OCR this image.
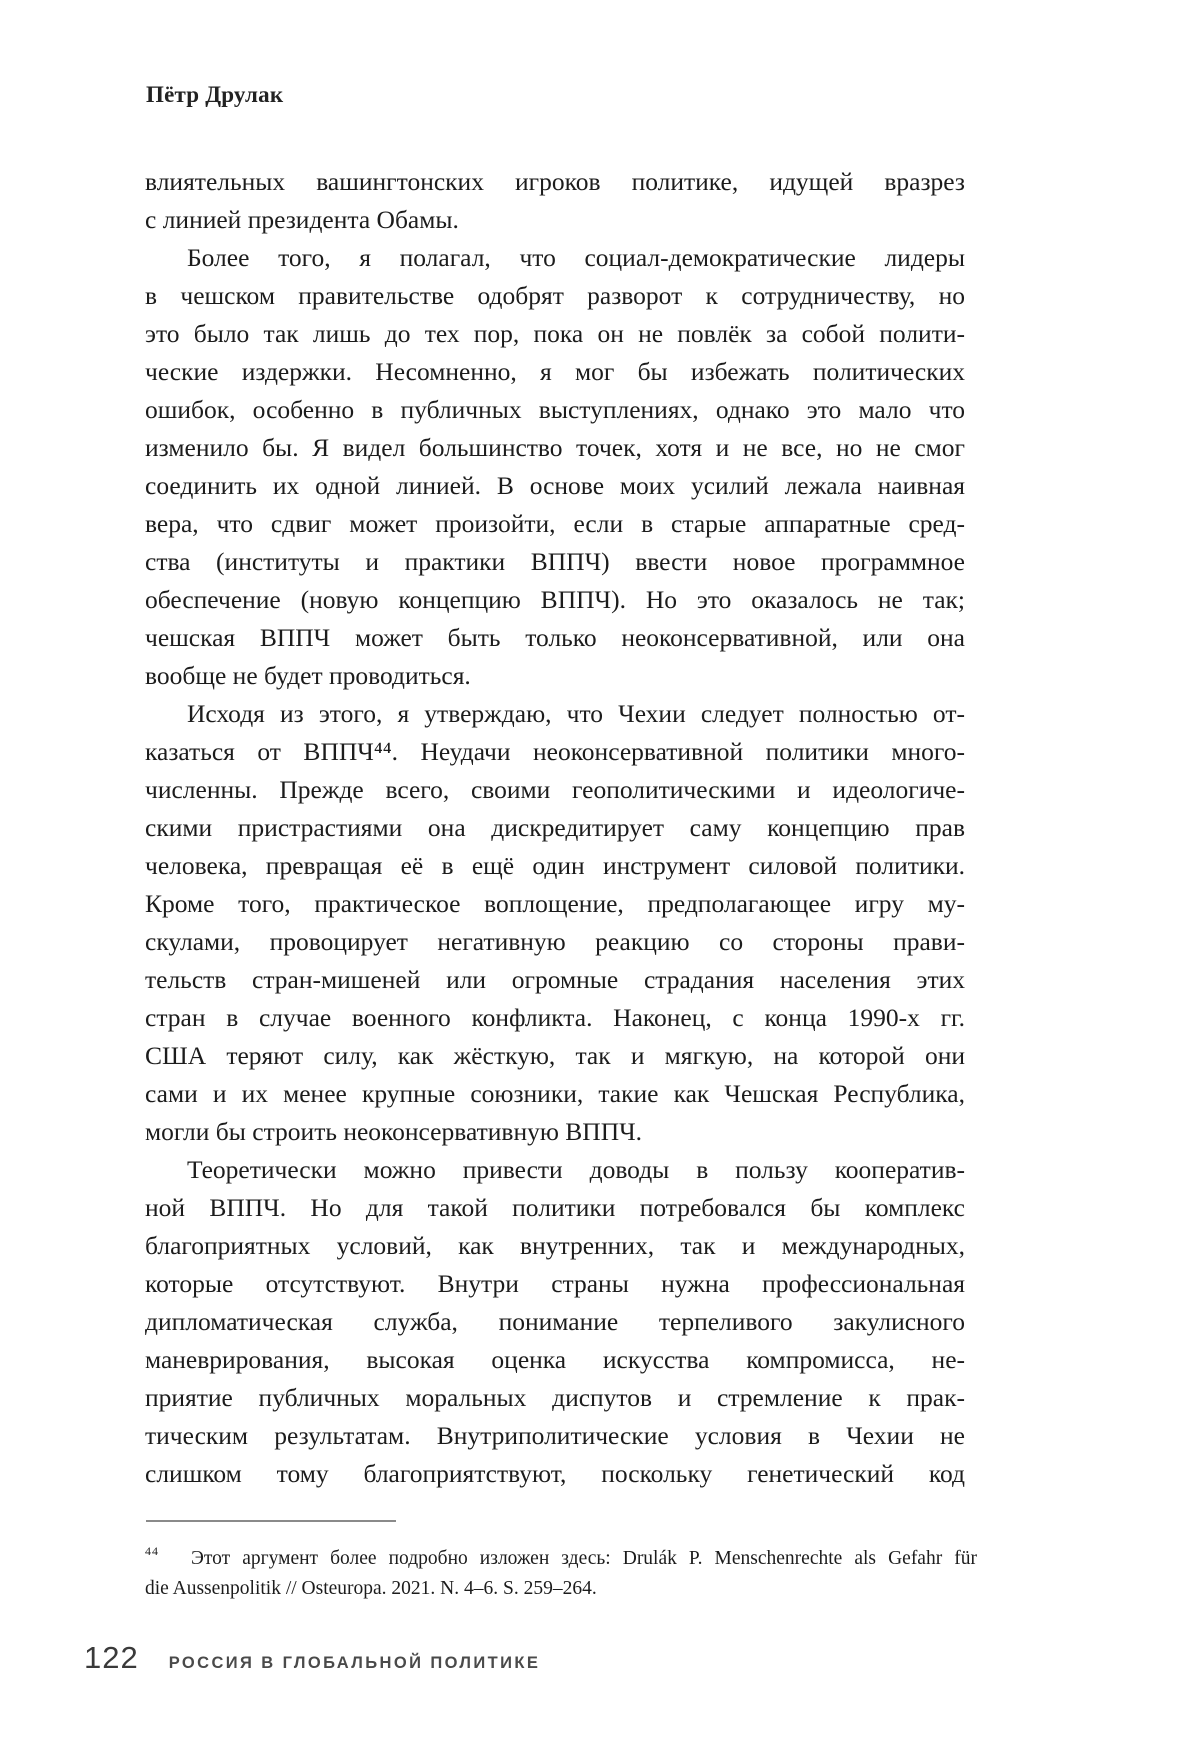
Пётр Друлак
влиятельных вашингтонских игроков политике, идущей вразрез
с линией президента Обамы.
Более того, я полагал, что социал-демократические лидеры
в чешском правительстве одобрят разворот к сотрудничеству, но
это было так лишь до тех пор, пока он не повлёк за собой полити-
ческие издержки. Несомненно, я мог бы избежать политических
ошибок, особенно в публичных выступлениях, однако это мало что
изменило бы. Я видел большинство точек, хотя и не все, но не смог
соединить их одной линией. В основе моих усилий лежала наивная
вера, что сдвиг может произойти, если в старые аппаратные сред-
ства (институты и практики ВППЧ) ввести новое программное
обеспечение (новую концепцию ВППЧ). Но это оказалось не так;
чешская ВППЧ может быть только неоконсервативной, или она
вообще не будет проводиться.
Исходя из этого, я утверждаю, что Чехии следует полностью от-
казаться от ВППЧ⁴⁴. Неудачи неоконсервативной политики много-
численны. Прежде всего, своими геополитическими и идеологиче-
скими пристрастиями она дискредитирует саму концепцию прав
человека, превращая её в ещё один инструмент силовой политики.
Кроме того, практическое воплощение, предполагающее игру му-
скулами, провоцирует негативную реакцию со стороны прави-
тельств стран-мишеней или огромные страдания населения этих
стран в случае военного конфликта. Наконец, с конца 1990-х гг.
США теряют силу, как жёсткую, так и мягкую, на которой они
сами и их менее крупные союзники, такие как Чешская Республика,
могли бы строить неоконсервативную ВППЧ.
Теоретически можно привести доводы в пользу кооператив-
ной ВППЧ. Но для такой политики потребовался бы комплекс
благоприятных условий, как внутренних, так и международных,
которые отсутствуют. Внутри страны нужна профессиональная
дипломатическая служба, понимание терпеливого закулисного
маневрирования, высокая оценка искусства компромисса, не-
приятие публичных моральных диспутов и стремление к прак-
тическим результатам. Внутриполитические условия в Чехии не
слишком тому благоприятствуют, поскольку генетический код
$^{44}$ Этот аргумент более подробно изложен здесь: Drulák P. Menschenrechte als Gefahr für
die Aussenpolitik // Osteuropa. 2021. N. 4–6. S. 259–264.
122 РОССИЯ В ГЛОБАЛЬНОЙ ПОЛИТИКЕ
